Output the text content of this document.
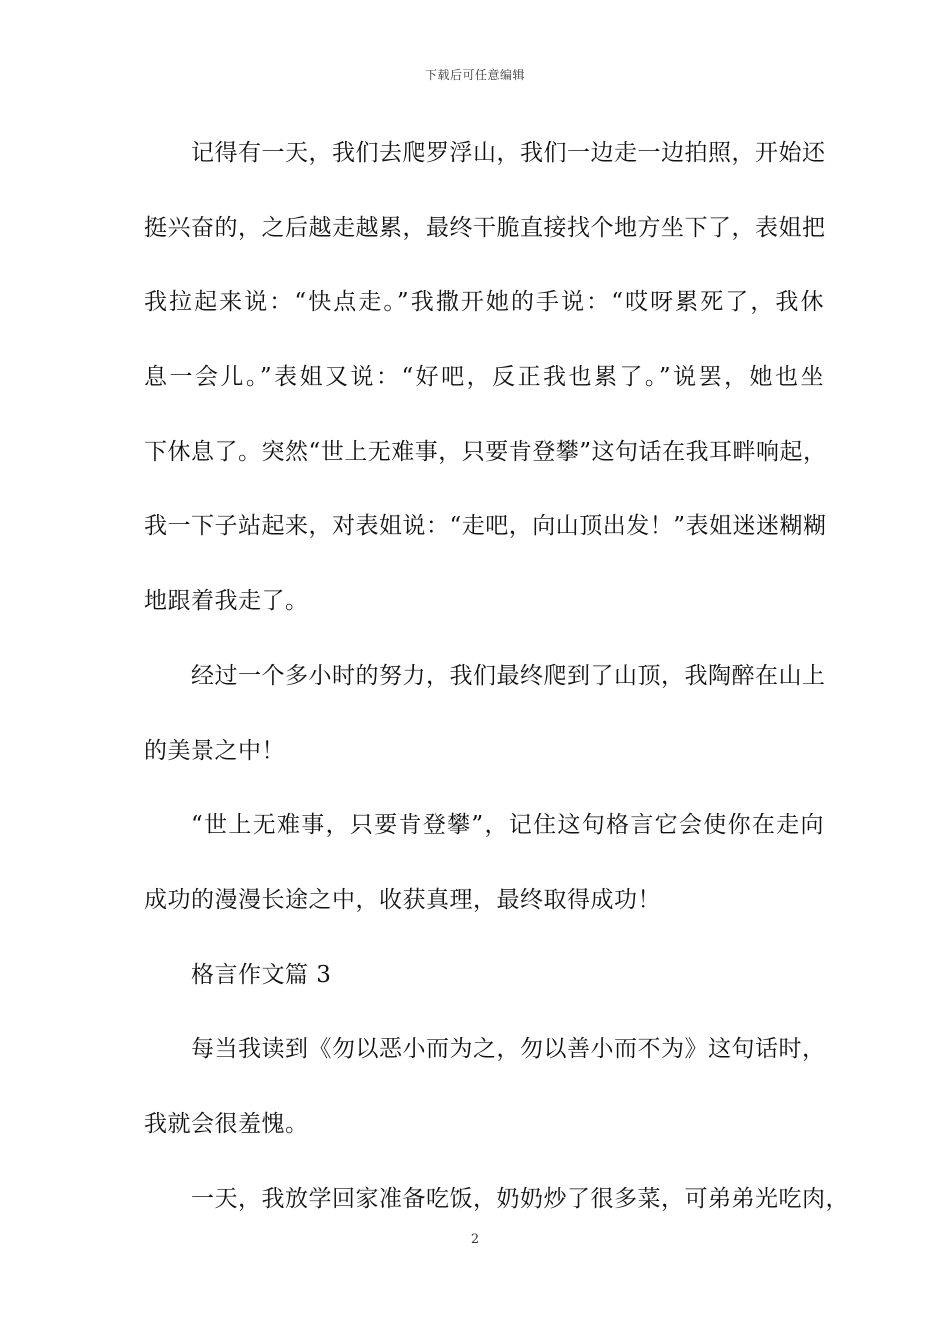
下载后可任意编辑
记得有一天，我们去爬罗浮山，我们一边走一边拍照，开始还
挺兴奋的，之后越走越累，最终干脆直接找个地方坐下了，表姐把
我拉起来说：“快点走。”我撒开她的手说：“哎呀累死了，我休
息一会儿。”表姐又说：“好吧，反正我也累了。”说罢，她也坐
下休息了。突然“世上无难事，只要肯登攀”这句话在我耳畔响起，
我一下子站起来，对表姐说：“走吧，向山顶出发！”表姐迷迷糊糊
地跟着我走了。
经过一个多小时的努力，我们最终爬到了山顶，我陶醉在山上
的美景之中！
“世上无难事，只要肯登攀”，记住这句格言它会使你在走向
成功的漫漫长途之中，收获真理，最终取得成功！
格言作文篇 3
每当我读到《勿以恶小而为之，勿以善小而不为》这句话时，
我就会很羞愧。
一天，我放学回家准备吃饭，奶奶炒了很多菜，可弟弟光吃肉，
2
